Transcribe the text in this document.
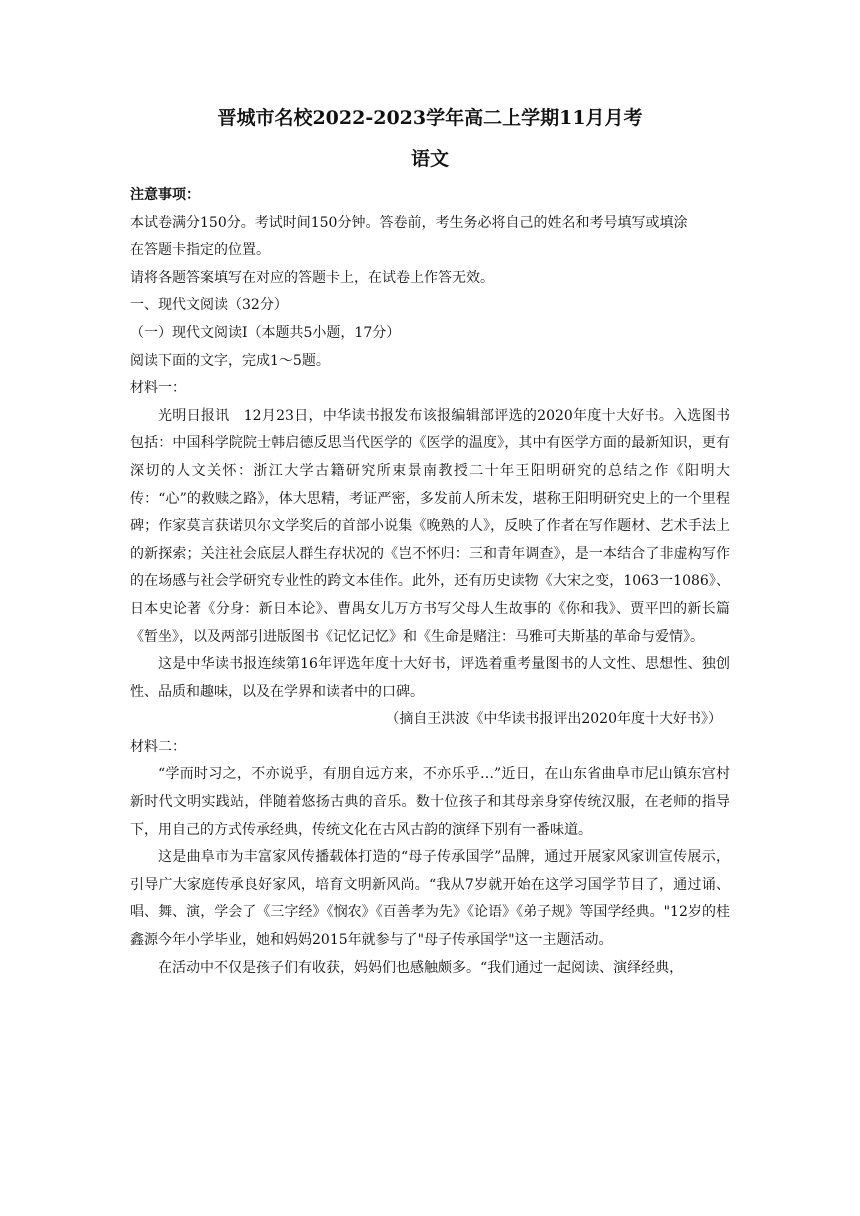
晋城市名校2022-2023学年高二上学期11月月考
语文
注意事项：
本试卷满分150分。考试时间150分钟。答卷前，考生务必将自己的姓名和考号填写或填涂
在答题卡指定的位置。
请将各题答案填写在对应的答题卡上，在试卷上作答无效。
一、现代文阅读（32分）
（一）现代文阅读Ⅰ（本题共5小题，17分）
阅读下面的文字，完成1～5题。
材料一：
光明日报讯　12月23日，中华读书报发布该报编辑部评选的2020年度十大好书。入选图书包括：中国科学院院士韩启德反思当代医学的《医学的温度》，其中有医学方面的最新知识，更有深切的人文关怀：浙江大学古籍研究所束景南教授二十年王阳明研究的总结之作《阳明大传：“心”的救赎之路》，体大思精，考证严密，多发前人所未发，堪称王阳明研究史上的一个里程碑；作家莫言获诺贝尔文学奖后的首部小说集《晚熟的人》，反映了作者在写作题材、艺术手法上的新探索；关注社会底层人群生存状况的《岂不怀归：三和青年调查》，是一本结合了非虚构写作的在场感与社会学研究专业性的跨文本佳作。此外，还有历史读物《大宋之变，1063一1086》、日本史论著《分身：新日本论》、曹禺女儿万方书写父母人生故事的《你和我》、贾平凹的新长篇《暂坐》，以及两部引进版图书《记忆记忆》和《生命是赌注：马雅可夫斯基的革命与爱情》。
这是中华读书报连续第16年评选年度十大好书，评选着重考量图书的人文性、思想性、独创性、品质和趣味，以及在学界和读者中的口碑。
（摘自王洪波《中华读书报评出2020年度十大好书》）
材料二：
“学而时习之，不亦说乎，有朋自远方来，不亦乐乎…”近日，在山东省曲阜市尼山镇东宫村新时代文明实践站，伴随着悠扬古典的音乐。数十位孩子和其母亲身穿传统汉服，在老师的指导下，用自己的方式传承经典，传统文化在古风古韵的演绎下别有一番味道。
这是曲阜市为丰富家风传播载体打造的“母子传承国学”品牌，通过开展家风家训宣传展示，引导广大家庭传承良好家风，培育文明新风尚。“我从7岁就开始在这学习国学节目了，通过诵、唱、舞、演，学会了《三字经》《悯农》《百善孝为先》《论语》《弟子规》等国学经典。"12岁的桂鑫源今年小学毕业，她和妈妈2015年就参与了"母子传承国学"这一主题活动。
在活动中不仅是孩子们有收获，妈妈们也感触颇多。“我们通过一起阅读、演绎经典，
